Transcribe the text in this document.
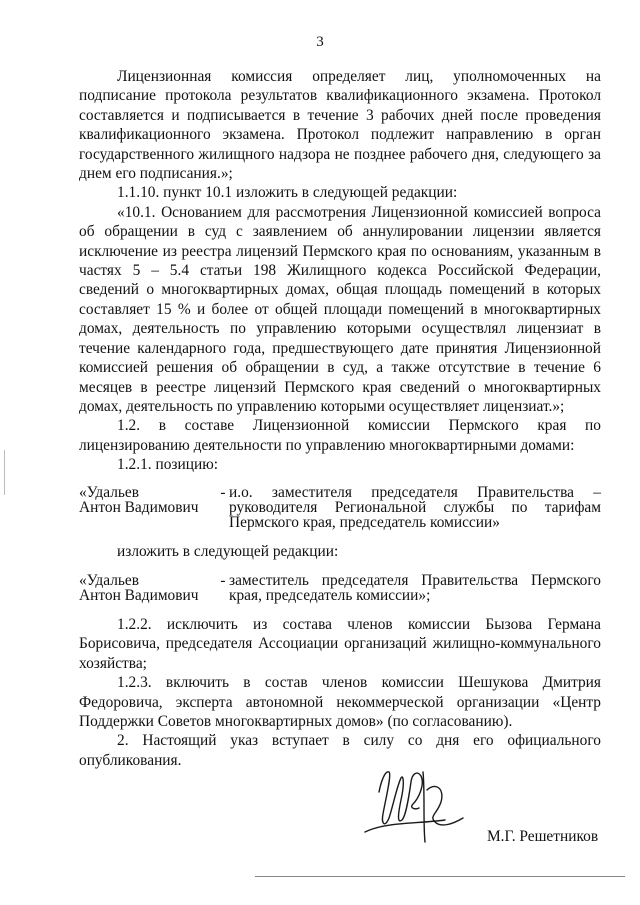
3

Лицензионная комиссия определяет лиц, уполномоченных на подписание протокола результатов квалификационного экзамена. Протокол составляется и подписывается в течение 3 рабочих дней после проведения квалификационного экзамена. Протокол подлежит направлению в орган государственного жилищного надзора не позднее рабочего дня, следующего за днем его подписания.»;

1.1.10. пункт 10.1 изложить в следующей редакции:

«10.1. Основанием для рассмотрения Лицензионной комиссией вопроса об обращении в суд с заявлением об аннулировании лицензии является исключение из реестра лицензий Пермского края по основаниям, указанным в частях 5 – 5.4 статьи 198 Жилищного кодекса Российской Федерации, сведений о многоквартирных домах, общая площадь помещений в которых составляет 15 % и более от общей площади помещений в многоквартирных домах, деятельность по управлению которыми осуществлял лицензиат в течение календарного года, предшествующего дате принятия Лицензионной комиссией решения об обращении в суд, а также отсутствие в течение 6 месяцев в реестре лицензий Пермского края сведений о многоквартирных домах, деятельность по управлению которыми осуществляет лицензиат.»;

1.2. в составе Лицензионной комиссии Пермского края по лицензированию деятельности по управлению многоквартирными домами:

1.2.1. позицию:

«Удальев
Антон Вадимович
- и.о. заместителя председателя Правительства – руководителя Региональной службы по тарифам Пермского края, председатель комиссии»

изложить в следующей редакции:

«Удальев
Антон Вадимович
- заместитель председателя Правительства Пермского края, председатель комиссии»;

1.2.2. исключить из состава членов комиссии Бызова Германа Борисовича, председателя Ассоциации организаций жилищно-коммунального хозяйства;

1.2.3. включить в состав членов комиссии Шешукова Дмитрия Федоровича, эксперта автономной некоммерческой организации «Центр Поддержки Советов многоквартирных домов» (по согласованию).

2. Настоящий указ вступает в силу со дня его официального опубликования.

М.Г. Решетников
